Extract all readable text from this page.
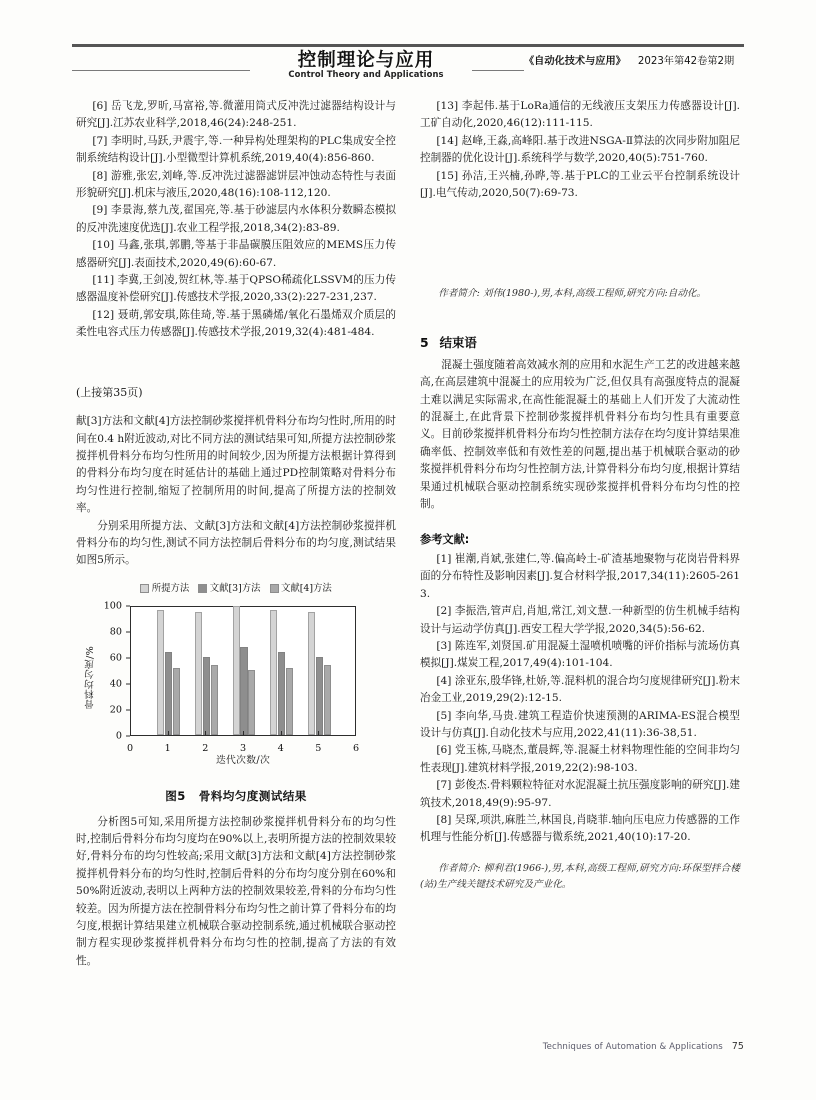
控制理论与应用
Control Theory and Applications
《自动化技术与应用》 2023年第42卷第2期

[6] 岳飞龙,罗昕,马富裕,等.微灌用筒式反冲洗过滤器结构设计与研究[J].江苏农业科学,2018,46(24):248-251.

[7] 李明时,马跃,尹震宇,等.一种异构处理架构的PLC集成安全控制系统结构设计[J].小型微型计算机系统,2019,40(4):856-860.

[8] 游雅,张宏,刘峰,等.反冲洗过滤器滤饼层冲蚀动态特性与表面形貌研究[J].机床与液压,2020,48(16):108-112,120.

[9] 李景海,蔡九茂,翟国亮,等.基于砂滤层内水体积分数瞬态模拟的反冲洗速度优选[J].农业工程学报,2018,34(2):83-89.

[10] 马鑫,张琪,郭鹏,等基于非晶碳膜压阻效应的MEMS压力传感器研究[J].表面技术,2020,49(6):60-67.

[11] 李冀,王剑凌,贺红林,等.基于QPSO稀疏化LSSVM的压力传感器温度补偿研究[J].传感技术学报,2020,33(2):227-231,237.

[12] 聂萌,郭安琪,陈佳琦,等.基于黑磷烯/氧化石墨烯双介质层的柔性电容式压力传感器[J].传感技术学报,2019,32(4):481-484.

(上接第35页)

献[3]方法和文献[4]方法控制砂浆搅拌机骨料分布均匀性时,所用的时间在0.4 h附近波动,对比不同方法的测试结果可知,所提方法控制砂浆搅拌机骨料分布均匀性所用的时间较少,因为所提方法根据计算得到的骨料分布均匀度在时延估计的基础上通过PD控制策略对骨料分布均匀性进行控制,缩短了控制所用的时间,提高了所提方法的控制效率。

分别采用所提方法、文献[3]方法和文献[4]方法控制砂浆搅拌机骨料分布的均匀性,测试不同方法控制后骨料分布的均匀度,测试结果如图5所示。

所提方法 文献[3]方法 文献[4]方法
骨料均匀度/%
0
20
40
60
80
100
0	1	2	3	4	5	6
迭代次数/次
图5 骨料均匀度测试结果

分析图5可知,采用所提方法控制砂浆搅拌机骨料分布的均匀性时,控制后骨料分布均匀度均在90%以上,表明所提方法的控制效果较好,骨料分布的均匀性较高;采用文献[3]方法和文献[4]方法控制砂浆搅拌机骨料分布的均匀性时,控制后骨料的分布均匀度分别在60%和50%附近波动,表明以上两种方法的控制效果较差,骨料的分布均匀性较差。因为所提方法在控制骨料分布均匀性之前计算了骨料分布的均匀度,根据计算结果建立机械联合驱动控制系统,通过机械联合驱动控制方程实现砂浆搅拌机骨料分布均匀性的控制,提高了方法的有效性。

[13] 李起伟.基于LoRa通信的无线液压支架压力传感器设计[J].工矿自动化,2020,46(12):111-115.

[14] 赵峰,王淼,高峰阳.基于改进NSGA-Ⅱ算法的次同步附加阻尼控制器的优化设计[J].系统科学与数学,2020,40(5):751-760.

[15] 孙洁,王兴楠,孙晔,等.基于PLC的工业云平台控制系统设计[J].电气传动,2020,50(7):69-73.

作者简介: 刘伟(1980-),男,本科,高级工程师,研究方向:自动化。

5 结束语

混凝土强度随着高效减水剂的应用和水泥生产工艺的改进越来越高,在高层建筑中混凝土的应用较为广泛,但仅具有高强度特点的混凝土难以满足实际需求,在高性能混凝土的基础上人们开发了大流动性的混凝土,在此背景下控制砂浆搅拌机骨料分布均匀性具有重要意义。目前砂浆搅拌机骨料分布均匀性控制方法存在均匀度计算结果准确率低、控制效率低和有效性差的问题,提出基于机械联合驱动的砂浆搅拌机骨料分布均匀性控制方法,计算骨料分布均匀度,根据计算结果通过机械联合驱动控制系统实现砂浆搅拌机骨料分布均匀性的控制。

参考文献:

[1] 崔潮,肖斌,张建仁,等.偏高岭土-矿渣基地聚物与花岗岩骨料界面的分布特性及影响因素[J].复合材料学报,2017,34(11):2605-2613.

[2] 李振浩,管声启,肖旭,常江,刘文慧.一种新型的仿生机械手结构设计与运动学仿真[J].西安工程大学学报,2020,34(5):56-62.

[3] 陈连军,刘贤国.矿用混凝土湿喷机喷嘴的评价指标与流场仿真模拟[J].煤炭工程,2017,49(4):101-104.

[4] 涂亚东,殷华锋,杜娇,等.混料机的混合均匀度规律研究[J].粉末冶金工业,2019,29(2):12-15.

[5] 李向华,马贵.建筑工程造价快速预测的ARIMA-ES混合模型设计与仿真[J].自动化技术与应用,2022,41(11):36-38,51.

[6] 党玉栋,马晓杰,董晨辉,等.混凝土材料物理性能的空间非均匀性表现[J].建筑材料学报,2019,22(2):98-103.

[7] 彭俊杰.骨料颗粒特征对水泥混凝土抗压强度影响的研究[J].建筑技术,2018,49(9):95-97.

[8] 吴琛,项洪,麻胜兰,林国良,肖晓菲.轴向压电应力传感器的工作机理与性能分析[J].传感器与微系统,2021,40(10):17-20.

作者简介: 柳利君(1966-),男,本科,高级工程师,研究方向:环保型拌合楼(站)生产线关键技术研究及产业化。

Techniques of Automation & Applications 75
